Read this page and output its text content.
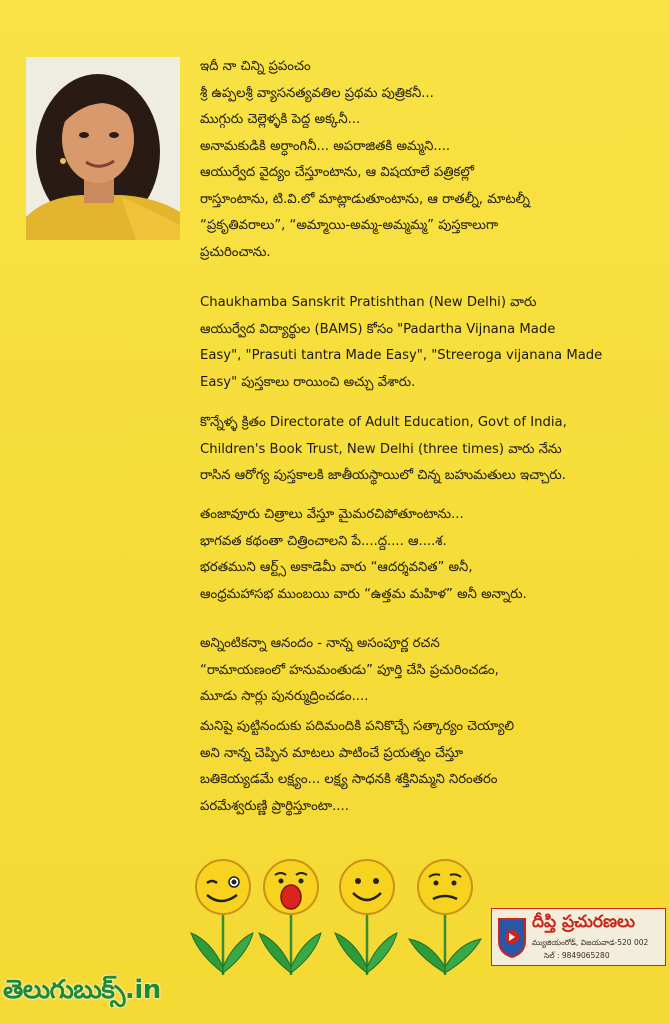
ఇదీ నా చిన్ని ప్రపంచం
శ్రీ ఉప్పలశ్రీ వ్యాసనత్యవతిల ప్రథమ పుత్రికనీ...
ముగ్గురు చెల్లెళ్ళకి పెద్ద అక్కనీ...
అనామకుడికి అర్ధాంగినీ... అపరాజితకి అమ్మని....
ఆయుర్వేద వైద్యం చేస్తూంటాను, ఆ విషయాలే పత్రికల్లో
రాస్తూంటాను, టి.వి.లో మాట్లాడుతూంటాను, ఆ రాతల్నీ, మాటల్నీ
“ప్రకృతివరాలు”, “అమ్మాయి-అమ్మ-అమ్మమ్మ” పుస్తకాలుగా
ప్రచురించాను.
Chaukhamba Sanskrit Pratishthan (New Delhi) వారు
ఆయుర్వేద విద్యార్థుల (BAMS) కోసం "Padartha Vijnana Made
Easy", "Prasuti tantra Made Easy", "Streeroga vijanana Made
Easy" పుస్తకాలు రాయించి అచ్చు వేశారు.
కొన్నేళ్ళ క్రితం Directorate of Adult Education, Govt of India,
Children's Book Trust, New Delhi (three times) వారు నేను
రాసిన ఆరోగ్య పుస్తకాలకి జాతీయస్థాయిలో చిన్న బహుమతులు ఇచ్చారు.
తంజావూరు చిత్రాలు వేస్తూ మైమరచిపోతూంటాను...
భాగవత కథంతా చిత్రించాలని పే....ద్ద.... ఆ....శ.
భరతముని ఆర్ట్స్ అకాడెమీ వారు “ఆదర్శవనిత” అనీ,
ఆంధ్రమహాసభ ముంబయి వారు “ఉత్తమ మహిళ” అనీ అన్నారు.
అన్నింటికన్నా ఆనందం - నాన్న అసంపూర్ణ రచన
“రామాయణంలో హనుమంతుడు” పూర్తి చేసి ప్రచురించడం,
మూడు సార్లు పునర్ముద్రించడం....
మనిషై పుట్టినందుకు పదిమందికి పనికొచ్చే సత్కార్యం చెయ్యాలి
అని నాన్న చెప్పిన మాటలు పాటించే ప్రయత్నం చేస్తూ
బతికెయ్యడమే లక్ష్యం... లక్ష్య సాధనకి శక్తినిమ్మని నిరంతరం
పరమేశ్వరుణ్ణి ప్రార్థిస్తూంటా....
దీప్తి ప్రచురణలు
మ్యుజియంరోడ్, విజయవాడ-520 002
సెల్ : 9849065280
తెలుగుబుక్స్.in
